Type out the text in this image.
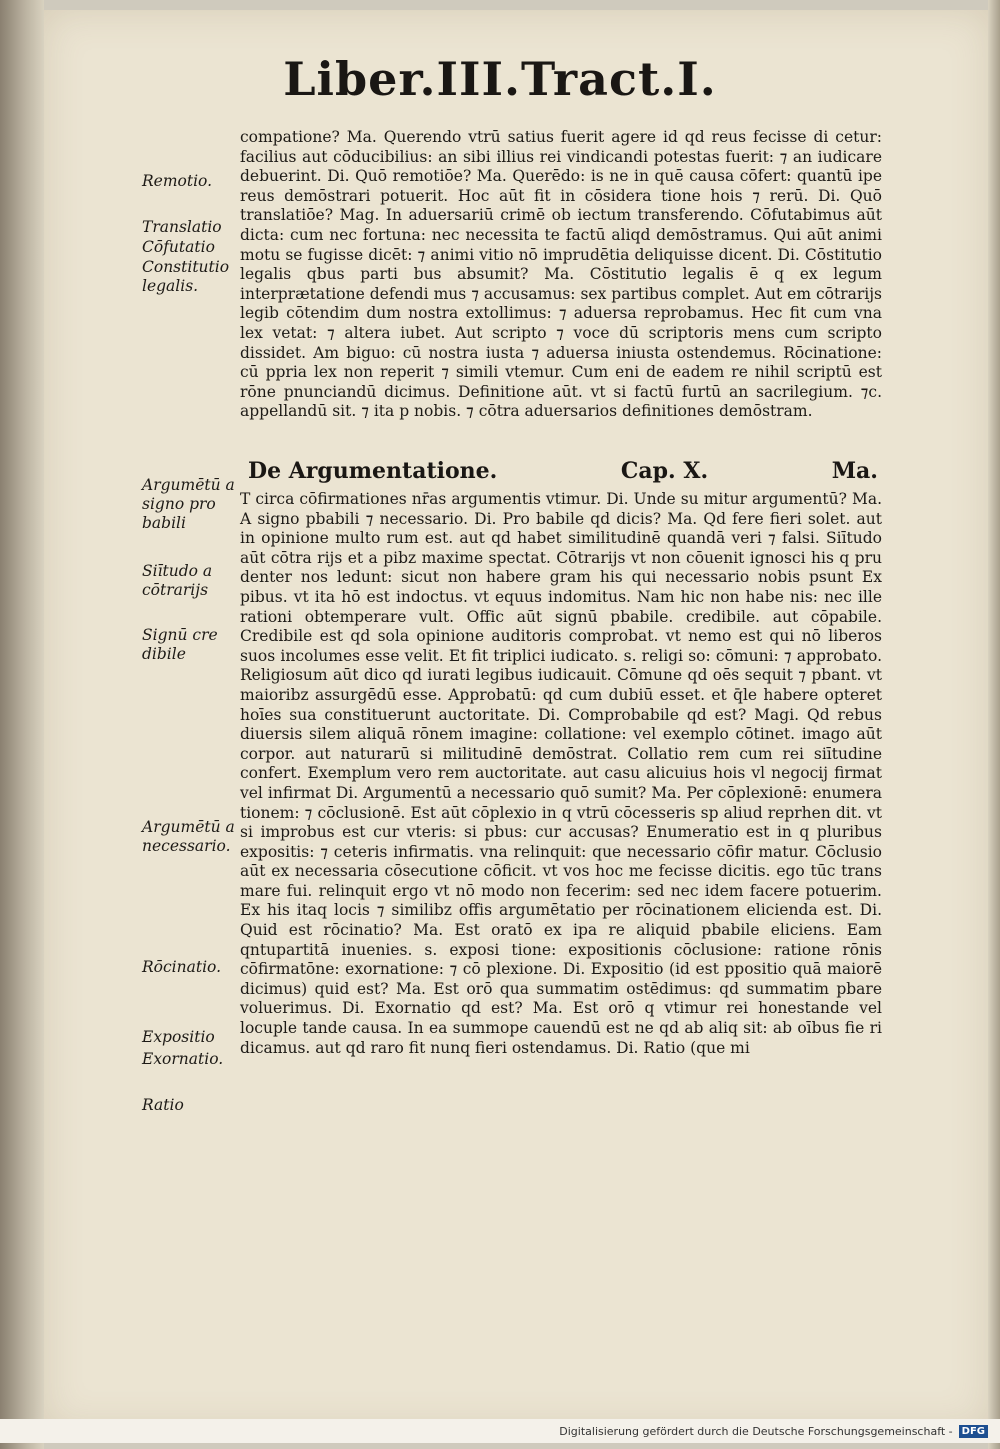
Liber.III.Tract.I.

compatione? Ma. Querendo vtrū satius fuerit agere id qd reus fecisse di cetur: facilius aut cōducibilius: an sibi illius rei vindicandi potestas fuerit: ⁊ an iudicare debuerint. Di. Quō remotiōe? Ma. Querēdo: is ne in quē causa cōfert: quantū ipe reus demōstrari potuerit. Hoc aūt fit in cōsidera tione hois ⁊ rerū. Di. Quō translatiōe? Mag. In aduersariū crimē ob iectum transferendo. Cōfutabimus aūt dicta: cum nec fortuna: nec necessita te factū aliqd demōstramus. Qui aūt animi motu se fugisse dicēt: ⁊ animi vitio nō imprudētia deliquisse dicent. Di. Cōstitutio legalis qbus parti bus absumit? Ma. Cōstitutio legalis ē q ex legum interprætatione defendi mus ⁊ accusamus: sex partibus complet. Aut em cōtrarijs legib cōtendim dum nostra extollimus: ⁊ aduersa reprobamus. Hec fit cum vna lex vetat: ⁊ altera iubet. Aut scripto ⁊ voce dū scriptoris mens cum scripto dissidet. Am biguo: cū nostra iusta ⁊ aduersa iniusta ostendemus. Rōcinatione: cū ppria lex non reperit ⁊ simili vtemur. Cum eni de eadem re nihil scriptū est rōne pnunciandū dicimus. Definitione aūt. vt si factū furtū an sacrilegium. ⁊c. appellandū sit. ⁊ ita p nobis. ⁊ cōtra aduersarios definitiones demōstram.

De Argumentatione.	Cap. X.	Ma.

T circa cōfirmationes nr̄as argumentis vtimur. Di. Unde su mitur argumentū? Ma. A signo pbabili ⁊ necessario. Di. Pro babile qd dicis? Ma. Qd fere fieri solet. aut in opinione multo rum est. aut qd habet similitudinē quandā veri ⁊ falsi. Siītudo aūt cōtra rijs et a pibz maxime spectat. Cōtrarijs vt non cōuenit ignosci his q pru denter nos ledunt: sicut non habere gram his qui necessario nobis psunt Ex pibus. vt ita hō est indoctus. vt equus indomitus. Nam hic non habe nis: nec ille rationi obtemperare vult. Offic aūt signū pbabile. credibile. aut cōpabile. Credibile est qd sola opinione auditoris comprobat. vt nemo est qui nō liberos suos incolumes esse velit. Et fit triplici iudicato. s. religi so: cōmuni: ⁊ approbato. Religiosum aūt dico qd iurati legibus iudicauit. Cōmune qd oēs sequit ⁊ pbant. vt maioribz assurgēdū esse. Approbatū: qd cum dubiū esset. et q̄le habere opteret hoīes sua constituerunt auctoritate. Di. Comprobabile qd est? Magi. Qd rebus diuersis silem aliquā rōnem imagine: collatione: vel exemplo cōtinet. imago aūt corpor. aut naturarū si militudinē demōstrat. Collatio rem cum rei siītudine confert. Exemplum vero rem auctoritate. aut casu alicuius hois vl negocij firmat vel infirmat Di. Argumentū a necessario quō sumit? Ma. Per cōplexionē: enumera tionem: ⁊ cōclusionē. Est aūt cōplexio in q vtrū cōcesseris sp aliud reprhen dit. vt si improbus est cur vteris: si pbus: cur accusas? Enumeratio est in q pluribus expositis: ⁊ ceteris infirmatis. vna relinquit: que necessario cōfir matur. Cōclusio aūt ex necessaria cōsecutione cōficit. vt vos hoc me fecisse dicitis. ego tūc trans mare fui. relinquit ergo vt nō modo non fecerim: sed nec idem facere potuerim. Ex his itaq locis ⁊ similibz offis argumētatio per rōcinationem elicienda est. Di. Quid est rōcinatio? Ma. Est oratō ex ipa re aliquid pbabile eliciens. Eam qntupartitā inuenies. s. exposi tione: expositionis cōclusione: ratione rōnis cōfirmatōne: exornatione: ⁊ cō plexione. Di. Expositio (id est ppositio quā maiorē dicimus) quid est? Ma. Est orō qua summatim ostēdimus: qd summatim pbare voluerimus. Di. Exornatio qd est? Ma. Est orō q vtimur rei honestande vel locuple tande causa. In ea summope cauendū est ne qd ab aliq sit: ab oībus fie ri dicamus. aut qd raro fit nunq fieri ostendamus. Di. Ratio (que mi

Remotio.
Translatio
Cōfutatio
Constitutio legalis.
Argumētū a signo pro babili
Siītudo a cōtrarijs
Signū cre dibile
Argumētū a necessario.
Rōcinatio.
Expositio
Exornatio.
Ratio
Digitalisierung gefördert durch die Deutsche Forschungsgemeinschaft - DFG
